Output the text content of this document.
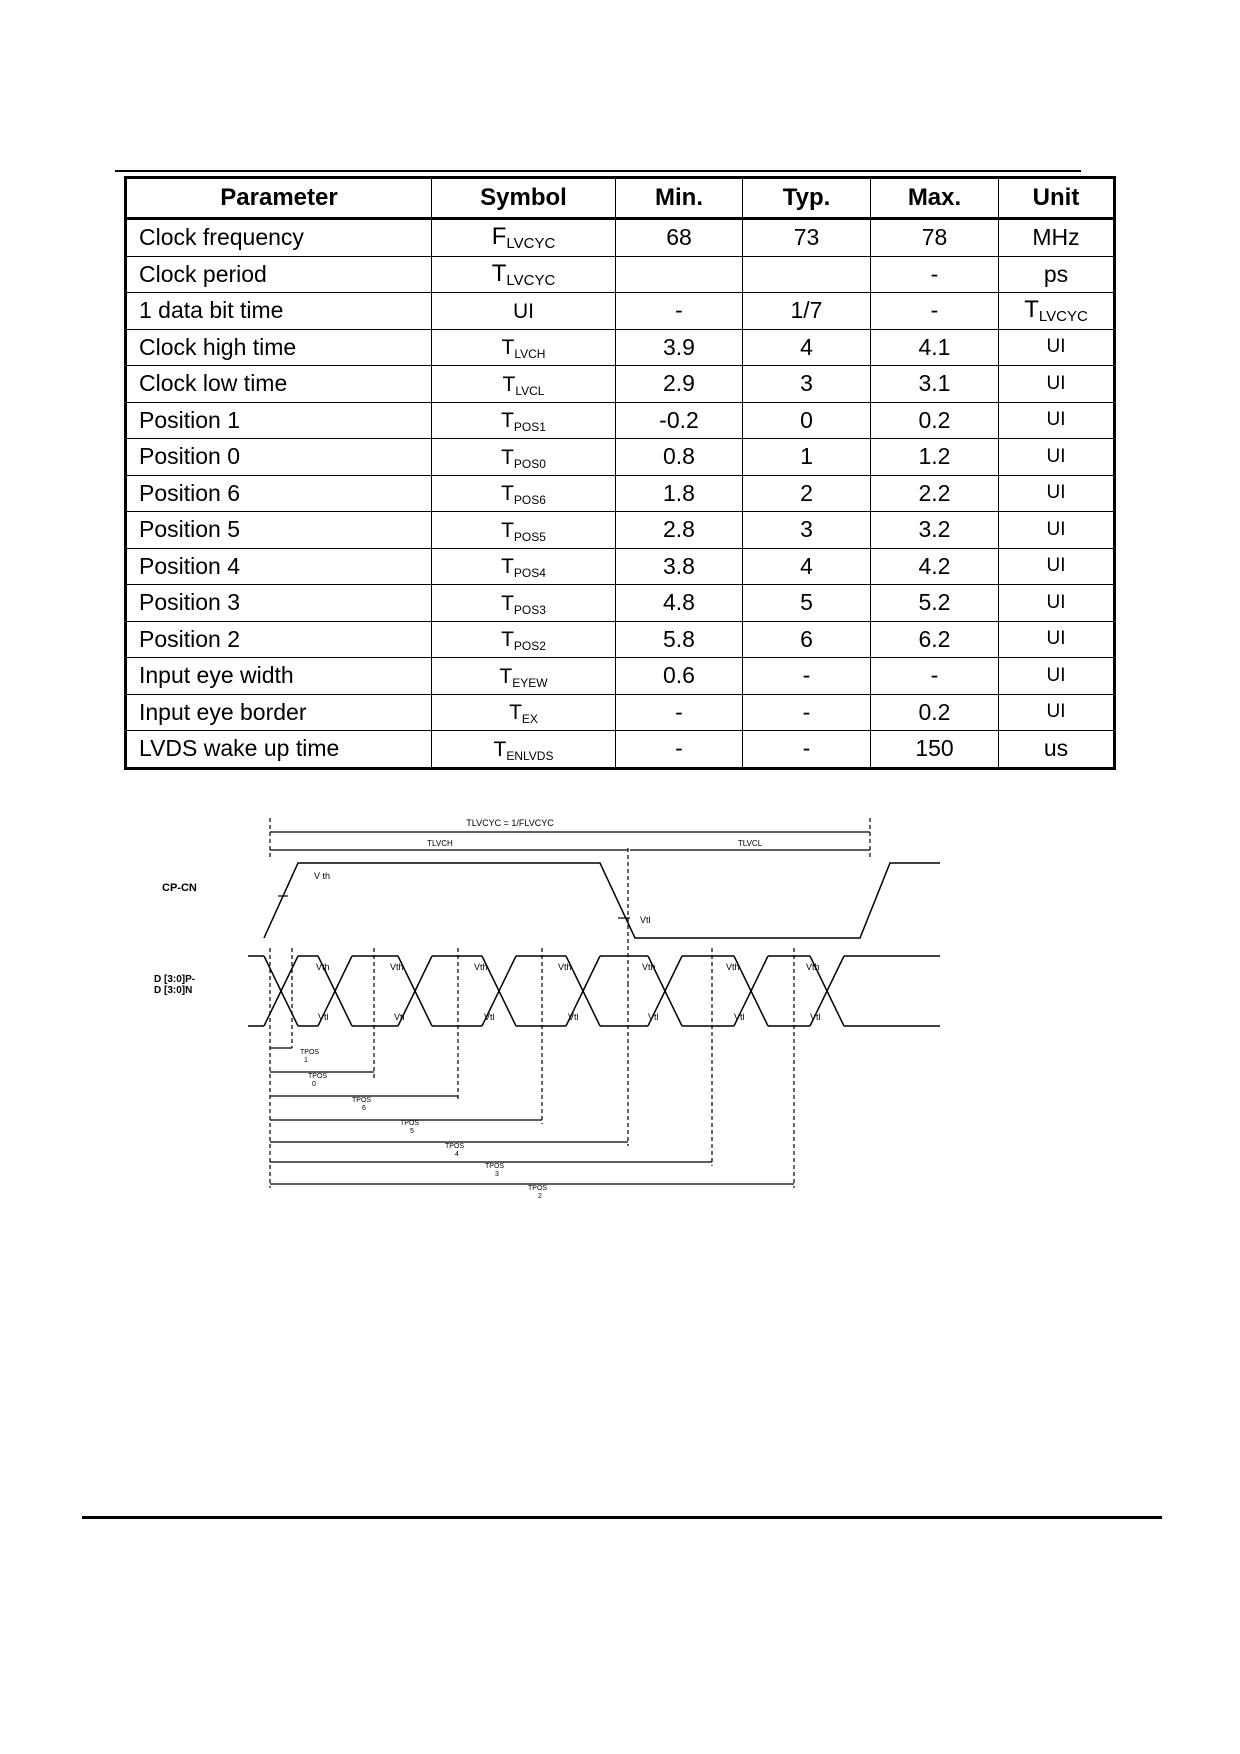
Parameter	Symbol	Min.	Typ.	Max.	Unit
Clock frequency	$F_{LVCYC}$	68	73	78	MHz
Clock period	$T_{LVCYC}$			-	ps
1 data bit time	UI	-	1/7	-	$T_{LVCYC}$
Clock high time	$T_{LVCH}$	3.9	4	4.1	UI
Clock low time	$T_{LVCL}$	2.9	3	3.1	UI
Position 1	$T_{POS1}$	-0.2	0	0.2	UI
Position 0	$T_{POS0}$	0.8	1	1.2	UI
Position 6	$T_{POS6}$	1.8	2	2.2	UI
Position 5	$T_{POS5}$	2.8	3	3.2	UI
Position 4	$T_{POS4}$	3.8	4	4.2	UI
Position 3	$T_{POS3}$	4.8	5	5.2	UI
Position 2	$T_{POS2}$	5.8	6	6.2	UI
Input eye width	$T_{EYEW}$	0.6	-	-	UI
Input eye border	$T_{EX}$	-	-	0.2	UI
LVDS wake up time	$T_{ENLVDS}$	-	-	150	us
TLVCYC = 1/FLVCYC
TLVCH	TLVCL
CP-CN
D [3:0]P-
D [3:0]N
V th
Vtl
Vth	Vth	Vth	Vth	Vth	Vth	Vth
Vtl	Vtl	Vtl	Vtl	Vtl	Vtl	Vtl
TPOS
1
TPOS
0
TPOS
6
TPOS
5
TPOS
4
TPOS
3
TPOS
2
